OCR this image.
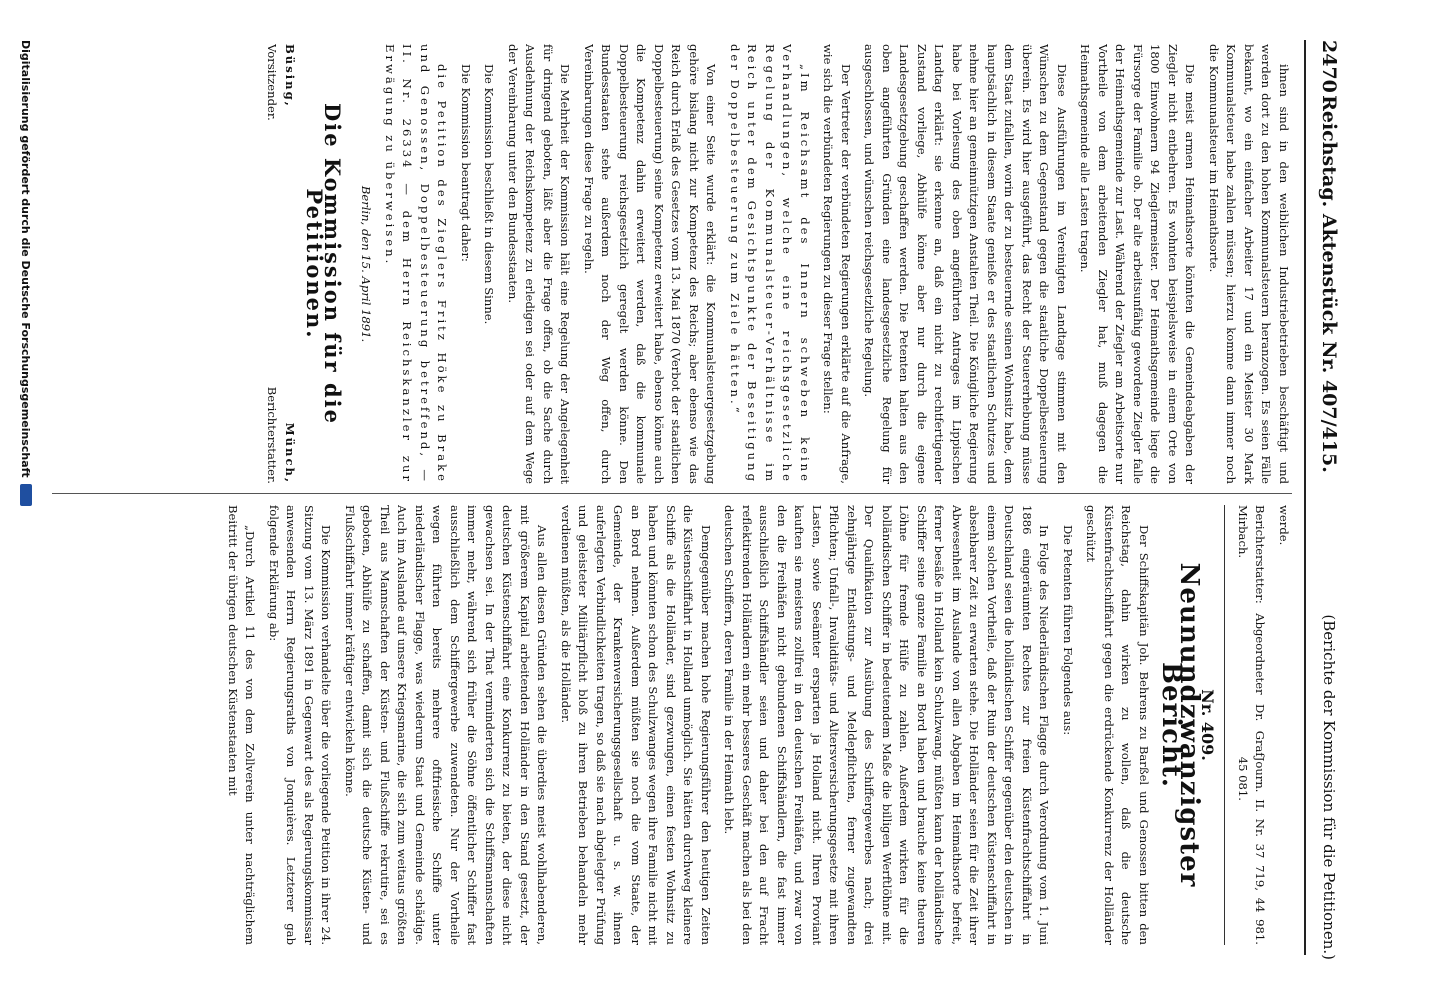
2470
Reichstag. Aktenstück Nr. 407/415.
(Berichte der Kommission für die Petitionen.)

ihnen sind in den weiblichen Industriebetrieben beschäftigt und werden dort zu den hohen Kommunalsteuern heranzogen. Es seien Fälle bekannt, wo ein einfacher Arbeiter 17 und ein Meister 30 Mark Kommunalsteuer habe zahlen müssen; hierzu komme dann immer noch die Kommunalsteuer im Heimathsorte.

Die meist armen Heimathsorte könnten die Gemeindeabgaben der Ziegler nicht entbehren. Es wohnten beispielsweise in einem Orte von 1800 Einwohnern 94 Zieglermeister. Der Heimathsgemeinde liege die Fürsorge der Familie ob. Der alte arbeitsunfähig gewordene Ziegler falle der Heimathsgemeinde zur Last. Während der Ziegler am Arbeitsorte nur Vortheile von dem arbeitenden Ziegler hat, muß dagegen die Heimathsgemeinde alle Lasten tragen.

Diese Ausführungen im Vereinigten Landtage stimmen mit den Wünschen zu dem Gegenstand gegen die staatliche Doppelbesteuerung überein. Es wird hier ausgeführt, das Recht der Steuererhebung müsse dem Staat zufallen, worin der zu besteuernde seinen Wohnsitz habe, dem hauptsächlich in diesem Staate genieße er des staatlichen Schutzes und nehme hier an gemeinnützigen Anstalten Theil. Die Königliche Regierung habe bei Vorlesung des oben angeführten Antrages im Lippischen Landtag erklärt: sie erkenne an, daß ein nicht zu rechtfertigender Zustand vorliege, Abhülfe könne aber nur durch die eigene Landesgesetzgebung geschaffen werden. Die Petenten halten aus den oben angeführten Gründen eine landesgesetzliche Regelung für ausgeschlossen, und wünschen reichsgesetzliche Regelung.

Der Vertreter der verbündeten Regierungen erklärte auf die Anfrage, wie sich die verbündeten Regierungen zu dieser Frage stellen:

„Im Reichsamt des Innern schweben keine Verhandlungen, welche eine reichsgesetzliche Regelung der Kommunalsteuer-Verhältnisse im Reich unter dem Gesichtspunkte der Beseitigung der Doppelbesteuerung zum Ziele hätten.“

Von einer Seite wurde erklärt: die Kommunalsteuergesetzgebung gehöre bislang nicht zur Kompetenz des Reichs; aber ebenso wie das Reich durch Erlaß des Gesetzes vom 13. Mai 1870 (Verbot der staatlichen Doppelbesteuerung) seine Kompetenz erweitert habe, ebenso könne auch die Kompetenz dahin erweitert werden, daß die kommunale Doppelbesteuerung reichsgesetzlich geregelt werden könne. Den Bundesstaaten stehe außerdem noch der Weg offen, durch Vereinbarungen diese Frage zu regeln.

Die Mehrheit der Kommission hält eine Regelung der Angelegenheit für dringend geboten, läßt aber die Frage offen, ob die Sache durch Ausdehnung der Reichskompetenz zu erledigen sei oder auf dem Wege der Vereinbarung unter den Bundesstaaten.

Die Kommission beschließt in diesem Sinne.

Die Kommission beantragt daher:

die Petition des Zieglers Fritz Höke zu Brake und Genossen, Doppelbesteuerung betreffend, — II. Nr. 26334 — dem Herrn Reichskanzler zur Erwägung zu überweisen.

Berlin, den 15. April 1891.

Die Kommission für die Petitionen.
Büsing,
Vorsitzender.
Münch,
Berichterstatter.

werde.

Berichterstatter: Abgeordneter Dr. Graf Mirbach.
Journ. II. Nr. 37 719, 44 981. 45 081.
Nr. 409.
Neunundzwanzigster Bericht.

Der Schiffskapitän Joh. Behrens zu Barßel und Genossen bitten den Reichstag, dahin wirken zu wollen, daß die deutsche Küstenfrachtschiffahrt gegen die erdrückende Konkurrenz der Holländer geschützt

Die Petenten führen Folgendes aus:

In Folge des Niederländischen Flagge durch Verordnung vom 1. Juni 1886 eingeräumten Rechtes zur freien Küstenfrachtschiffahrt in Deutschland seien die holländischen Schiffer gegenüber den deutschen in einem solchen Vortheile, daß der Ruin der deutschen Küstenschiffahrt in absehbarer Zeit zu erwarten stehe. Die Holländer seien für die Zeit ihrer Abwesenheit im Auslande von allen Abgaben im Heimathsorte befreit, ferner besäße in Holland kein Schulzwang, müßten kann der holländische Schiffer seine ganze Familie an Bord haben und brauche keine theuren Löhne für fremde Hülfe zu zahlen. Außerdem wirkten für die holländischen Schiffer in bedeutendem Maße die billigen Werftlöhne mit. Der Qualifikation zur Ausübung des Schiffergewerbes nach; drei zehnjährige Entlastungs- und Meldepflichten, ferner zugewandten Pflichten; Unfall-, Invaliditäts- und Altersversicherungsgesetze mit ihren Lasten, sowie Seeämter ersparten ja Holland nicht. Ihren Proviant kauften sie meistens zollfrei in den deutschen Freihäfen, und zwar von den die Freihäfen nicht gebundenen Schiffshändlern, die fast immer ausschließlich Schiffshändler seien und daher bei den auf Fracht reflektirenden Holländern ein mehr besseres Geschäft machen als bei den deutschen Schiffern, deren Familie in der Heimath lebt.

Demgegenüber machen hohe Regierungsführer den heutigen Zeiten die Küstenschiffahrt in Holland unmöglich. Sie hätten durchweg kleinere Schiffe als die Holländer, sind gezwungen, einen festen Wohnsitz zu haben und könnten schon des Schulzwanges wegen ihre Familie nicht mit an Bord nehmen. Außerdem müßten sie noch die vom Staate, der Gemeinde, der Krankenversicherungsgesellschaft u. s. w. ihnen auferlegten Verbindlichkeiten tragen, so daß sie nach abgelegter Prüfung und geleisteter Militärpflicht bloß zu ihren Betrieben behandeln mehr verdienen müßten, als die Holländer.

Aus allen diesen Gründen sehen die überdies meist wohlhabenderen, mit größerem Kapital arbeitenden Holländer in den Stand gesetzt, der deutschen Küstenschiffahrt eine Konkurrenz zu bieten, der diese nicht gewachsen sei. In der That verminderten sich die Schiffsmannschaften immer mehr, während sich früher die Söhne öffentlicher Schiffer fast ausschließlich dem Schiffergewerbe zuwendeten. Nur der Vortheile wegen führten bereits mehrere oftfriesische Schiffe unter niederländischer Flagge, was wiederum Staat und Gemeinde schädige. Auch im Auslande auf unsere Kriegsmarine, die sich zum weitaus größten Theil aus Mannschaften der Küsten- und Flußschiffe rekrutire, sei es geboten, Abhülfe zu schaffen, damit sich die deutsche Küsten- und Flußschiffahrt immer kräftiger entwickeln könne.

Die Kommission verhandelte über die vorliegende Petition in ihrer 24. Sitzung vom 13. März 1891 in Gegenwart des als Regierungskommissar anwesenden Herrn Regierungsraths von Jonquières. Letzterer gab folgende Erklärung ab:

„Durch Artikel 11 des von dem Zollverein unter nachträglichem Beitritt der übrigen deutschen Küstenstaaten mit

Digitalisierung gefördert durch die Deutsche Forschungsgemeinschaft
